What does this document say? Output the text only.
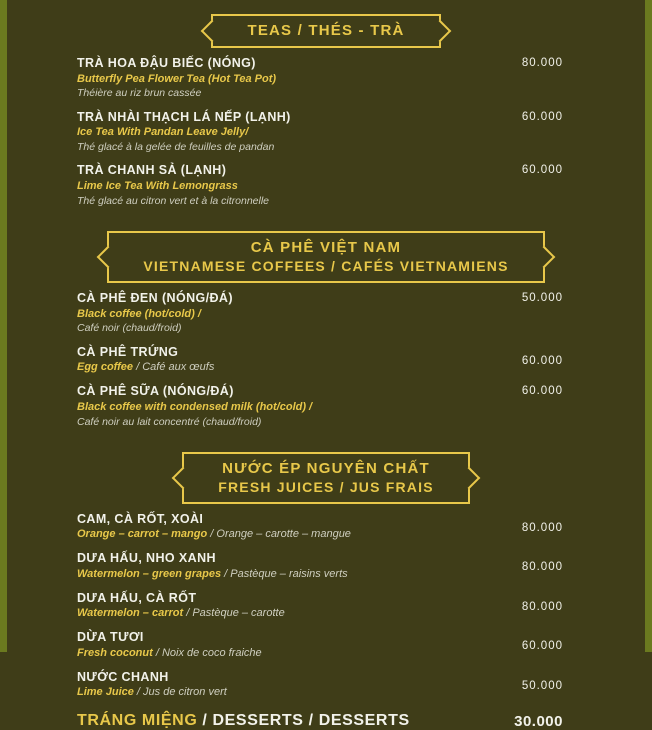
TEAS / THÉS - TRÀ
TRÀ HOA ĐẬU BIẾC (NÓNG)
Butterfly Pea Flower Tea (Hot Tea Pot)
Théière au riz brun cassée
80.000
TRÀ NHÀI THẠCH LÁ NẾP (LẠNH)
Ice Tea With Pandan Leave Jelly/
Thé glacé à la gelée de feuilles de pandan
60.000
TRÀ CHANH SẢ (LẠNH)
Lime Ice Tea With Lemongrass
Thé glacé au citron vert et à la citronnelle
60.000
CÀ PHÊ VIỆT NAM
VIETNAMESE COFFEES / CAFÉS VIETNAMIENS
CÀ PHÊ ĐEN (NÓNG/ĐÁ)
Black coffee (hot/cold) /
Café noir (chaud/froid)
50.000
CÀ PHÊ TRỨNG
Egg coffee / Café aux œufs
60.000
CÀ PHÊ SỮA (NÓNG/ĐÁ)
Black coffee with condensed milk (hot/cold) /
Café noir au lait concentré (chaud/froid)
60.000
NƯỚC ÉP NGUYÊN CHẤT
FRESH JUICES / JUS FRAIS
CAM, CÀ RỐT, XOÀI
Orange – carrot – mango / Orange – carotte – mangue
80.000
DƯA HẤU, NHO XANH
Watermelon – green grapes / Pastèque – raisins verts
80.000
DƯA HẤU, CÀ RỐT
Watermelon – carrot / Pastèque – carotte
80.000
DỪA TƯƠI
Fresh coconut / Noix de coco fraiche
60.000
NƯỚC CHANH
Lime Juice / Jus de citron vert
50.000
TRÁNG MIỆNG / DESSERTS / DESSERTS	30.000
